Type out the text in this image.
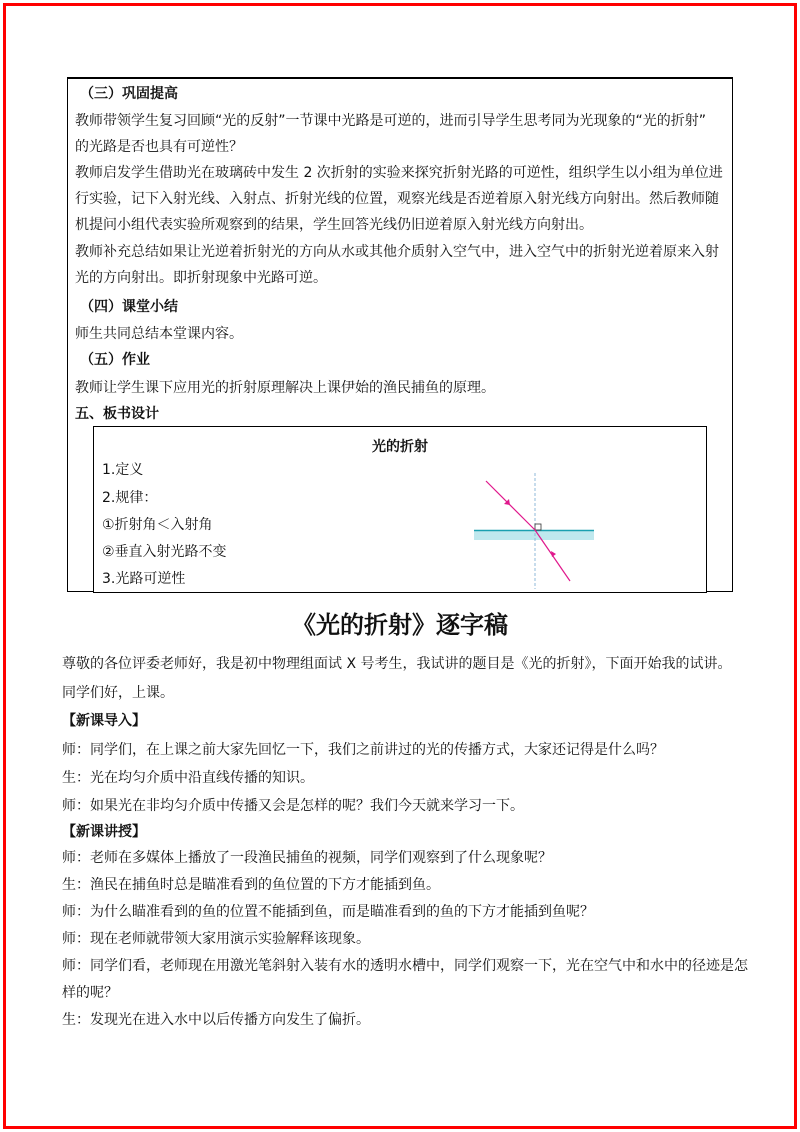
（三）巩固提高
教师带领学生复习回顾“光的反射”一节课中光路是可逆的，进而引导学生思考同为光现象的“光的折射”
的光路是否也具有可逆性？
教师启发学生借助光在玻璃砖中发生 2 次折射的实验来探究折射光路的可逆性，组织学生以小组为单位进
行实验，记下入射光线、入射点、折射光线的位置，观察光线是否逆着原入射光线方向射出。然后教师随
机提问小组代表实验所观察到的结果，学生回答光线仍旧逆着原入射光线方向射出。
教师补充总结如果让光逆着折射光的方向从水或其他介质射入空气中，进入空气中的折射光逆着原来入射
光的方向射出。即折射现象中光路可逆。
（四）课堂小结
师生共同总结本堂课内容。
（五）作业
教师让学生课下应用光的折射原理解决上课伊始的渔民捕鱼的原理。
五、板书设计
光的折射
1.定义
2.规律：
①折射角＜入射角
②垂直入射光路不变
3.光路可逆性
《光的折射》逐字稿
尊敬的各位评委老师好，我是初中物理组面试 X 号考生，我试讲的题目是《光的折射》，下面开始我的试讲。
同学们好，上课。
【新课导入】
师：同学们，在上课之前大家先回忆一下，我们之前讲过的光的传播方式，大家还记得是什么吗？
生：光在均匀介质中沿直线传播的知识。
师：如果光在非均匀介质中传播又会是怎样的呢？我们今天就来学习一下。
【新课讲授】
师：老师在多媒体上播放了一段渔民捕鱼的视频，同学们观察到了什么现象呢？
生：渔民在捕鱼时总是瞄准看到的鱼位置的下方才能插到鱼。
师：为什么瞄准看到的鱼的位置不能插到鱼，而是瞄准看到的鱼的下方才能插到鱼呢？
师：现在老师就带领大家用演示实验解释该现象。
师：同学们看，老师现在用激光笔斜射入装有水的透明水槽中，同学们观察一下，光在空气中和水中的径迹是怎
样的呢？
生：发现光在进入水中以后传播方向发生了偏折。
